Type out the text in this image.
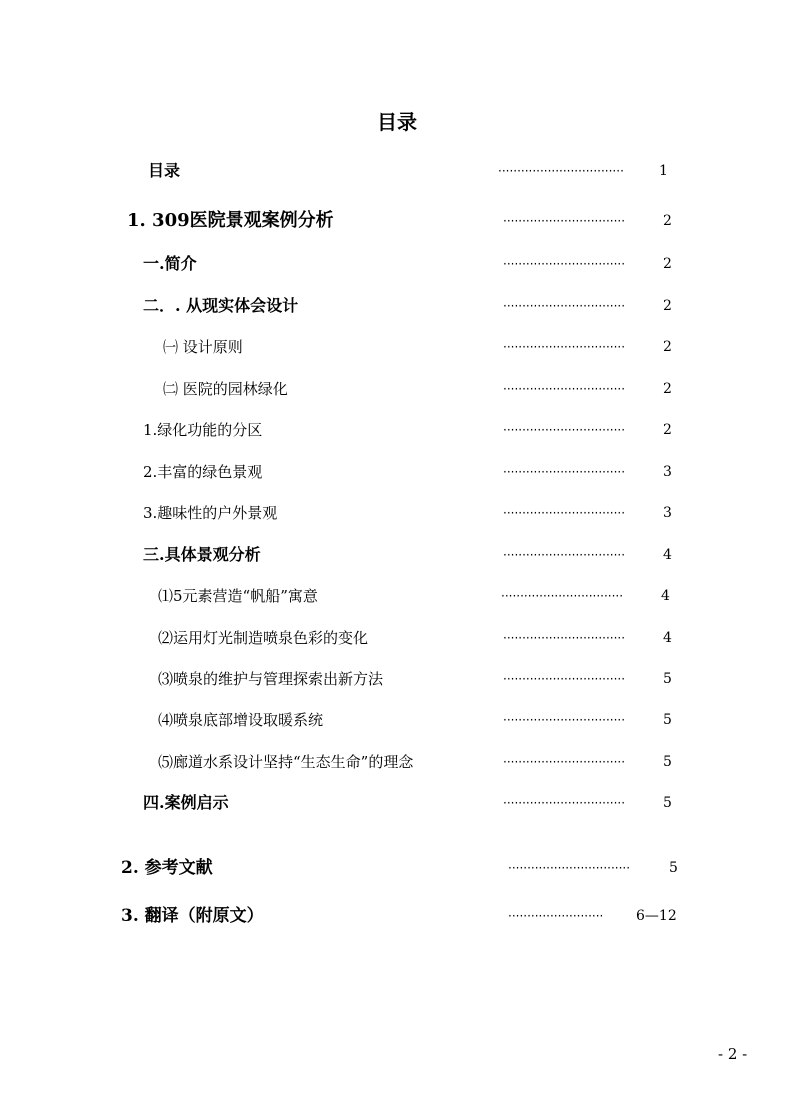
目录
目录	·································	1
1. 309医院景观案例分析	································	2
一.简介	································	2
二．. 从现实体会设计	································	2
㈠ 设计原则	································	2
㈡ 医院的园林绿化	································	2
1.绿化功能的分区	································	2
2.丰富的绿色景观	································	3
3.趣味性的户外景观	································	3
三.具体景观分析	································	4
⑴5元素营造“帆船”寓意	································	4
⑵运用灯光制造喷泉色彩的变化	································	4
⑶喷泉的维护与管理探索出新方法	································	5
⑷喷泉底部增设取暖系统	································	5
⑸廊道水系设计坚持“生态生命”的理念	································	5
四.案例启示	································	5
2. 参考文献	································	5
3. 翻译（附原文）	························· 6—12
- 2 -
